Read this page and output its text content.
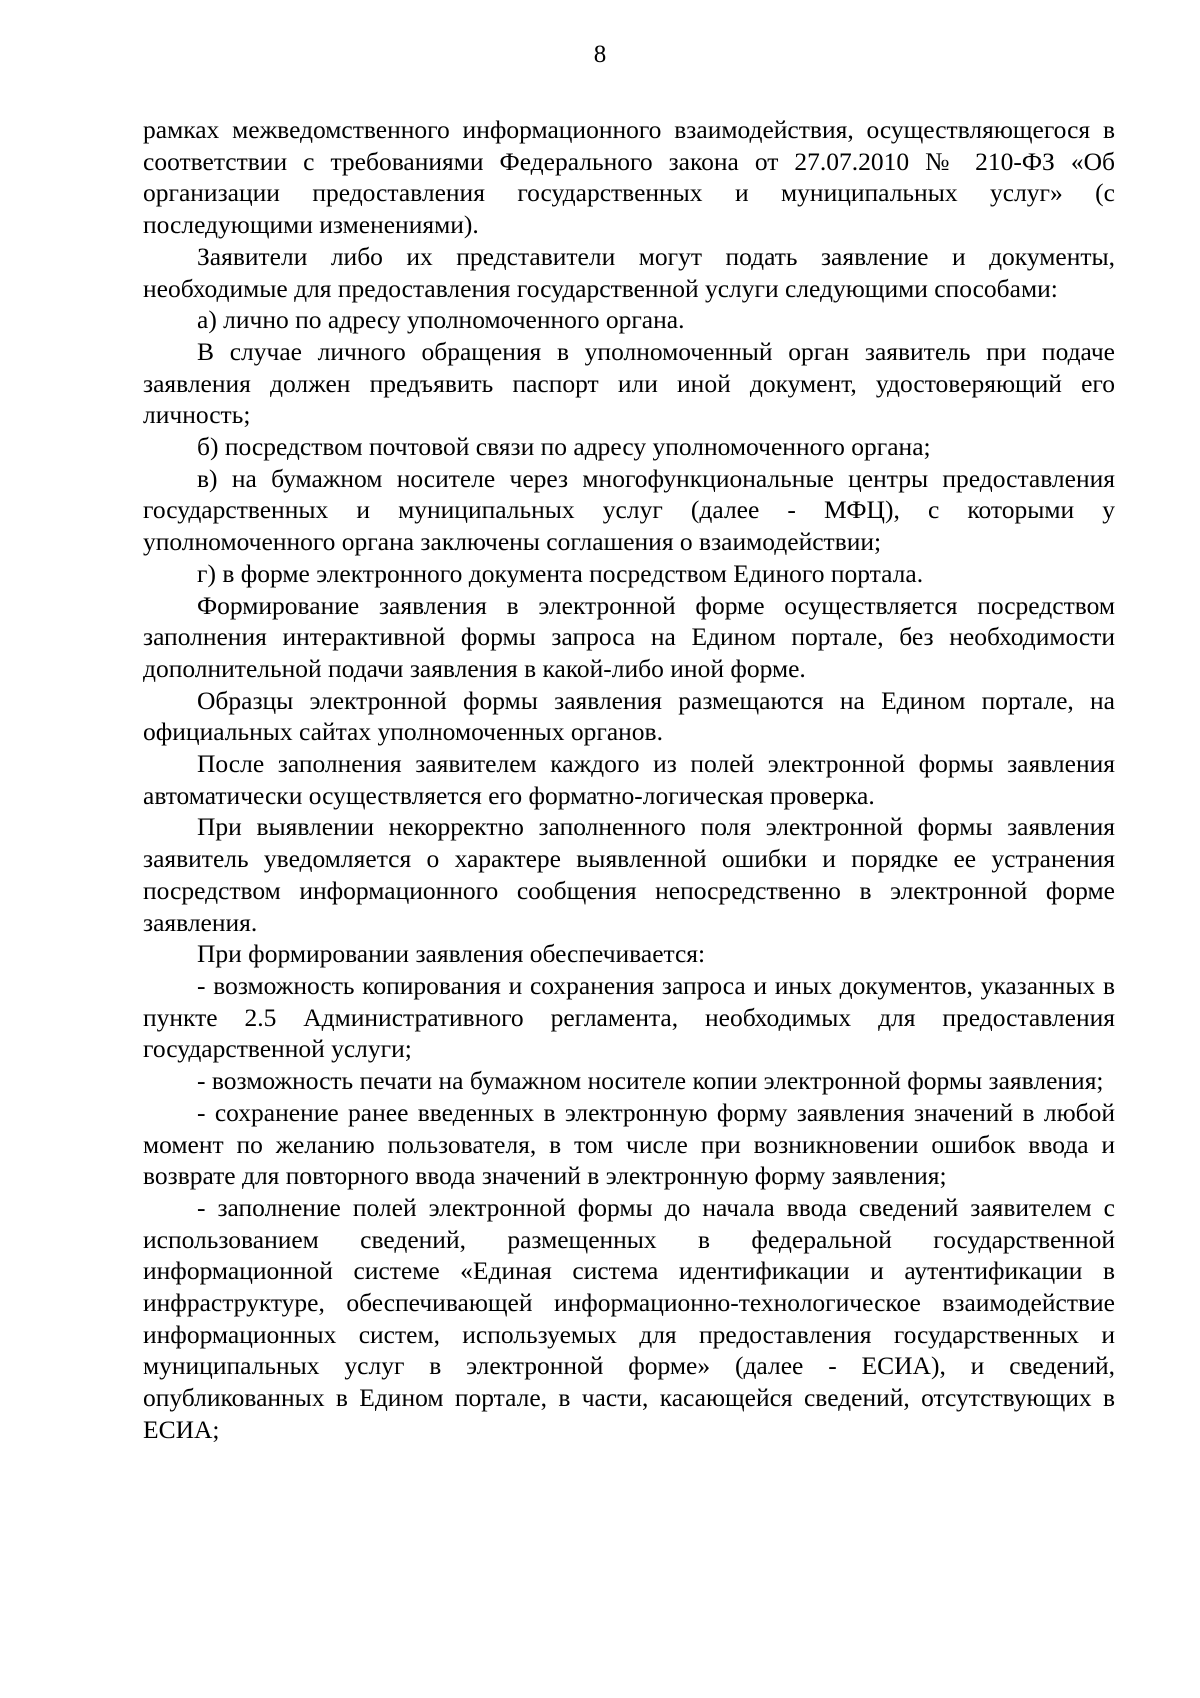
8

рамках межведомственного информационного взаимодействия, осуществляющегося в соответствии с требованиями Федерального закона от 27.07.2010 № 210-ФЗ «Об организации предоставления государственных и муниципальных услуг» (с последующими изменениями).

Заявители либо их представители могут подать заявление и документы, необходимые для предоставления государственной услуги следующими способами:

а) лично по адресу уполномоченного органа.

В случае личного обращения в уполномоченный орган заявитель при подаче заявления должен предъявить паспорт или иной документ, удостоверяющий его личность;

б) посредством почтовой связи по адресу уполномоченного органа;

в) на бумажном носителе через многофункциональные центры предоставления государственных и муниципальных услуг (далее - МФЦ), с которыми у уполномоченного органа заключены соглашения о взаимодействии;

г) в форме электронного документа посредством Единого портала.

Формирование заявления в электронной форме осуществляется посредством заполнения интерактивной формы запроса на Едином портале, без необходимости дополнительной подачи заявления в какой-либо иной форме.

Образцы электронной формы заявления размещаются на Едином портале, на официальных сайтах уполномоченных органов.

После заполнения заявителем каждого из полей электронной формы заявления автоматически осуществляется его форматно-логическая проверка.

При выявлении некорректно заполненного поля электронной формы заявления заявитель уведомляется о характере выявленной ошибки и порядке ее устранения посредством информационного сообщения непосредственно в электронной форме заявления.

При формировании заявления обеспечивается:

- возможность копирования и сохранения запроса и иных документов, указанных в пункте 2.5 Административного регламента, необходимых для предоставления государственной услуги;

- возможность печати на бумажном носителе копии электронной формы заявления;

- сохранение ранее введенных в электронную форму заявления значений в любой момент по желанию пользователя, в том числе при возникновении ошибок ввода и возврате для повторного ввода значений в электронную форму заявления;

- заполнение полей электронной формы до начала ввода сведений заявителем с использованием сведений, размещенных в федеральной государственной информационной системе «Единая система идентификации и аутентификации в инфраструктуре, обеспечивающей информационно-технологическое взаимодействие информационных систем, используемых для предоставления государственных и муниципальных услуг в электронной форме» (далее - ЕСИА), и сведений, опубликованных в Едином портале, в части, касающейся сведений, отсутствующих в ЕСИА;
